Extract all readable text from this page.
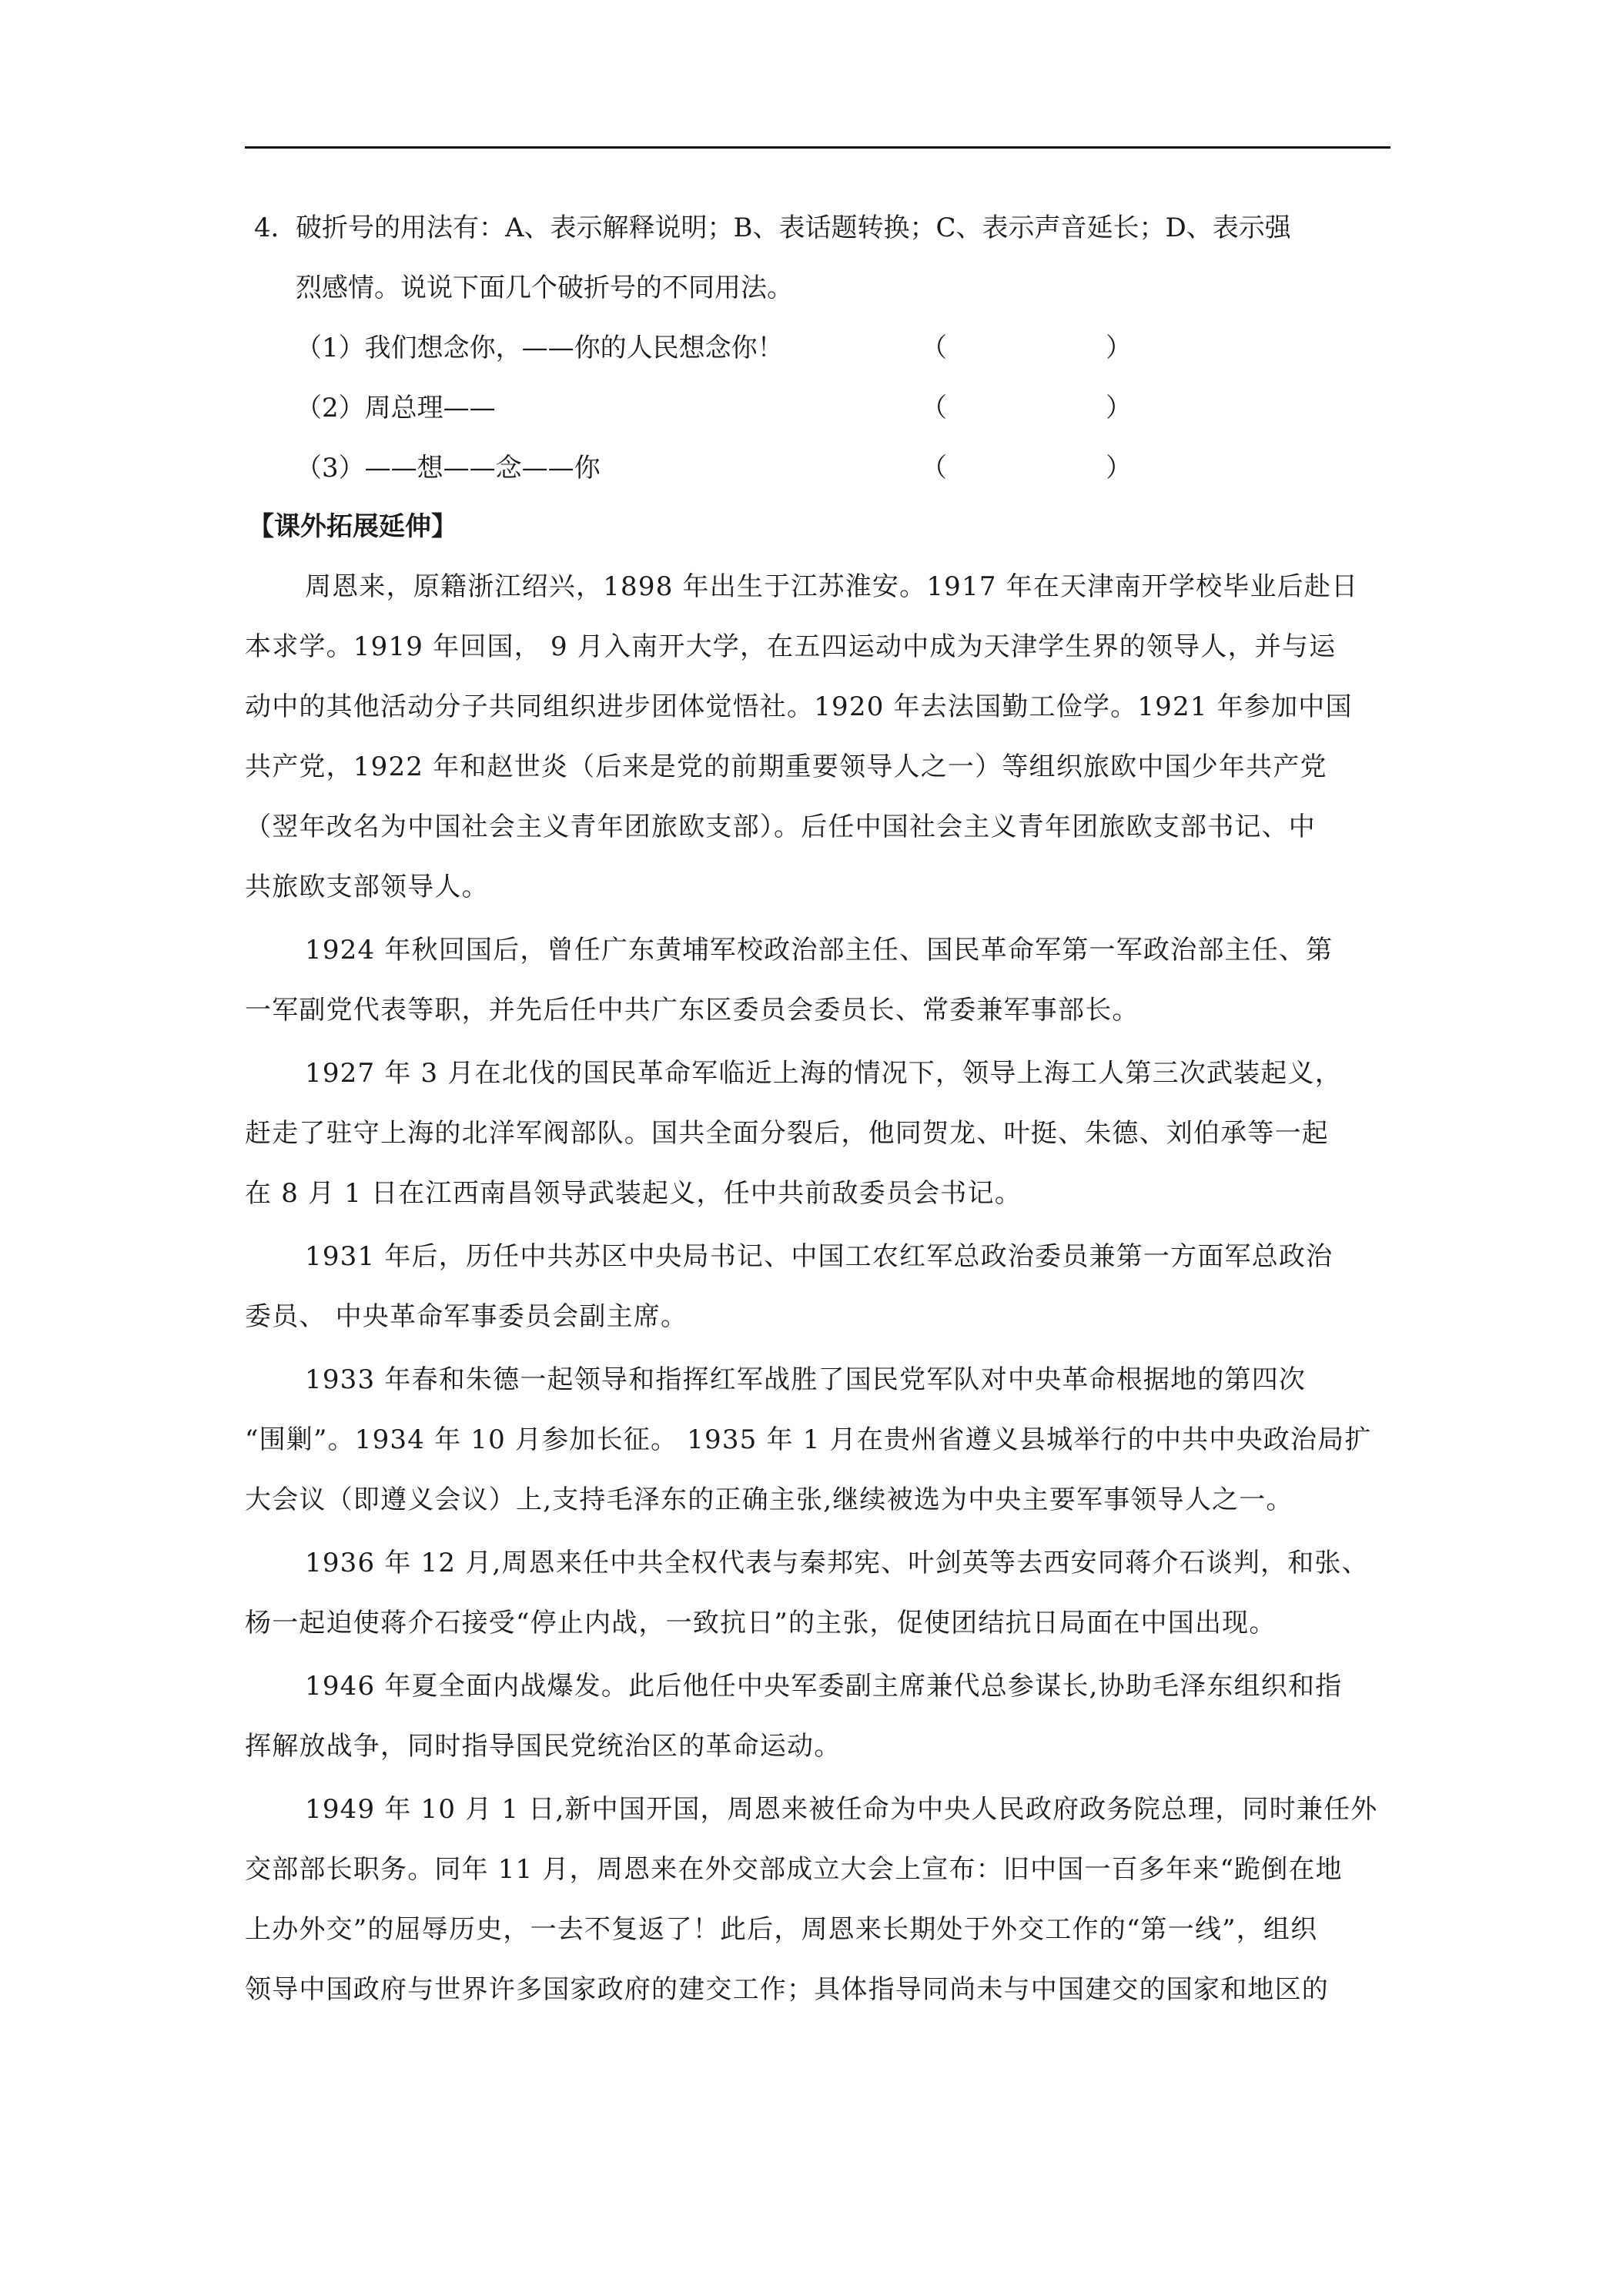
4．
破折号的用法有：A、表示解释说明；B、表话题转换；C、表示声音延长；D、表示强
烈感情。说说下面几个破折号的不同用法。
（1）我们想念你，——你的人民想念你！	（	）
（2）周总理——	（	）
（3）——想——念——你	（	）
【课外拓展延伸】
周恩来，原籍浙江绍兴，1898 年出生于江苏淮安。1917 年在天津南开学校毕业后赴日
本求学。1919 年回国， 9 月入南开大学，在五四运动中成为天津学生界的领导人，并与运
动中的其他活动分子共同组织进步团体觉悟社。1920 年去法国勤工俭学。1921 年参加中国
共产党，1922 年和赵世炎（后来是党的前期重要领导人之一）等组织旅欧中国少年共产党
（翌年改名为中国社会主义青年团旅欧支部）。后任中国社会主义青年团旅欧支部书记、中
共旅欧支部领导人。
1924 年秋回国后，曾任广东黄埔军校政治部主任、国民革命军第一军政治部主任、第
一军副党代表等职，并先后任中共广东区委员会委员长、常委兼军事部长。
1927 年 3 月在北伐的国民革命军临近上海的情况下，领导上海工人第三次武装起义，
赶走了驻守上海的北洋军阀部队。国共全面分裂后，他同贺龙、叶挺、朱德、刘伯承等一起
在 8 月 1 日在江西南昌领导武装起义，任中共前敌委员会书记。
1931 年后，历任中共苏区中央局书记、中国工农红军总政治委员兼第一方面军总政治
委员、 中央革命军事委员会副主席。
1933 年春和朱德一起领导和指挥红军战胜了国民党军队对中央革命根据地的第四次
“围剿”。1934 年 10 月参加长征。 1935 年 1 月在贵州省遵义县城举行的中共中央政治局扩
大会议（即遵义会议）上,支持毛泽东的正确主张,继续被选为中央主要军事领导人之一。
1936 年 12 月,周恩来任中共全权代表与秦邦宪、叶剑英等去西安同蒋介石谈判，和张、
杨一起迫使蒋介石接受“停止内战，一致抗日”的主张，促使团结抗日局面在中国出现。
1946 年夏全面内战爆发。此后他任中央军委副主席兼代总参谋长,协助毛泽东组织和指
挥解放战争，同时指导国民党统治区的革命运动。
1949 年 10 月 1 日,新中国开国，周恩来被任命为中央人民政府政务院总理，同时兼任外
交部部长职务。同年 11 月，周恩来在外交部成立大会上宣布：旧中国一百多年来“跪倒在地
上办外交”的屈辱历史，一去不复返了！此后，周恩来长期处于外交工作的“第一线”，组织
领导中国政府与世界许多国家政府的建交工作；具体指导同尚未与中国建交的国家和地区的
